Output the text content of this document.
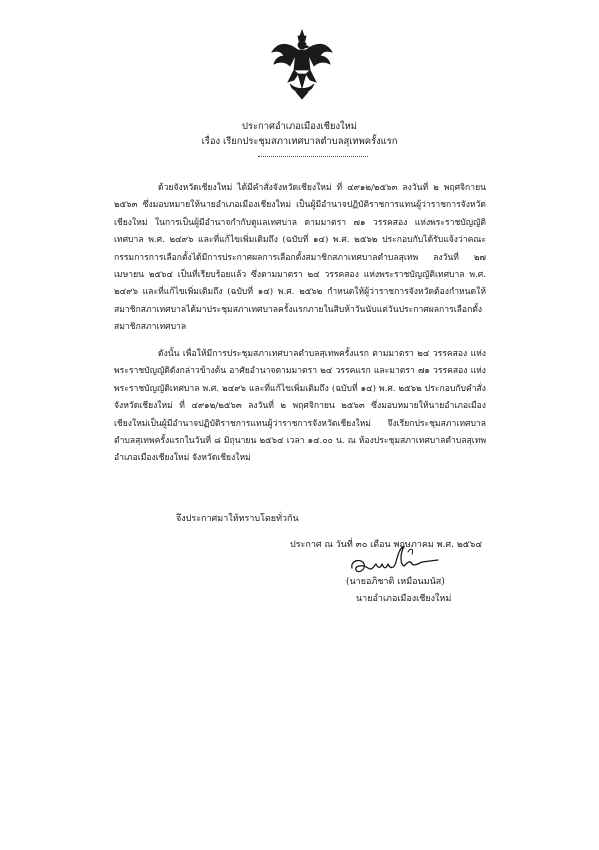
ประกาศอำเภอเมืองเชียงใหม่
เรื่อง เรียกประชุมสภาเทศบาลตำบลสุเทพครั้งแรก
ด้วยจังหวัดเชียงใหม่ ได้มีคำสั่งจังหวัดเชียงใหม่ ที่ ๔๙๑๒/๒๕๖๓ ลงวันที่ ๒ พฤศจิกายน ๒๕๖๓ ซึ่งมอบหมายให้นายอำเภอเมืองเชียงใหม่ เป็นผู้มีอำนาจปฏิบัติราชการแทนผู้ว่าราชการจังหวัดเชียงใหม่ ในการเป็นผู้มีอำนาจกำกับดูแลเทศบาล ตามมาตรา ๗๑ วรรคสอง แห่งพระราชบัญญัติเทศบาล พ.ศ. ๒๔๙๖ และที่แก้ไขเพิ่มเติมถึง (ฉบับที่ ๑๔) พ.ศ. ๒๕๖๒ ประกอบกับได้รับแจ้งว่าคณะกรรมการการเลือกตั้งได้มีการประกาศผลการเลือกตั้งสมาชิกสภาเทศบาลตำบลสุเทพ ลงวันที่ ๒๗ เมษายน ๒๕๖๔ เป็นที่เรียบร้อยแล้ว ซึ่งตามมาตรา ๒๔ วรรคสอง แห่งพระราชบัญญัติเทศบาล พ.ศ. ๒๔๙๖ และที่แก้ไขเพิ่มเติมถึง (ฉบับที่ ๑๔) พ.ศ. ๒๕๖๒ กำหนดให้ผู้ว่าราชการจังหวัดต้องกำหนดให้สมาชิกสภาเทศบาลได้มาประชุมสภาเทศบาลครั้งแรกภายในสิบห้าวันนับแต่วันประกาศผลการเลือกตั้งสมาชิกสภาเทศบาล
ดังนั้น เพื่อให้มีการประชุมสภาเทศบาลตำบลสุเทพครั้งแรก ตามมาตรา ๒๔ วรรคสอง แห่งพระราชบัญญัติดังกล่าวข้างต้น อาศัยอำนาจตามมาตรา ๒๔ วรรคแรก และมาตรา ๗๑ วรรคสอง แห่งพระราชบัญญัติเทศบาล พ.ศ. ๒๔๙๖ และที่แก้ไขเพิ่มเติมถึง (ฉบับที่ ๑๔) พ.ศ. ๒๕๖๒ ประกอบกับคำสั่งจังหวัดเชียงใหม่ ที่ ๔๙๑๒/๒๕๖๓ ลงวันที่ ๒ พฤศจิกายน ๒๕๖๓ ซึ่งมอบหมายให้นายอำเภอเมืองเชียงใหม่เป็นผู้มีอำนาจปฏิบัติราชการแทนผู้ว่าราชการจังหวัดเชียงใหม่ จึงเรียกประชุมสภาเทศบาลตำบลสุเทพครั้งแรกในวันที่ ๘ มิถุนายน ๒๕๖๔ เวลา ๑๔.๐๐ น. ณ ห้องประชุมสภาเทศบาลตำบลสุเทพ อำเภอเมืองเชียงใหม่ จังหวัดเชียงใหม่
จึงประกาศมาให้ทราบโดยทั่วกัน
ประกาศ ณ วันที่ ๓๐ เดือน พฤษภาคม พ.ศ. ๒๕๖๔
(นายอภิชาติ เหมือนมนัส)
นายอำเภอเมืองเชียงใหม่
